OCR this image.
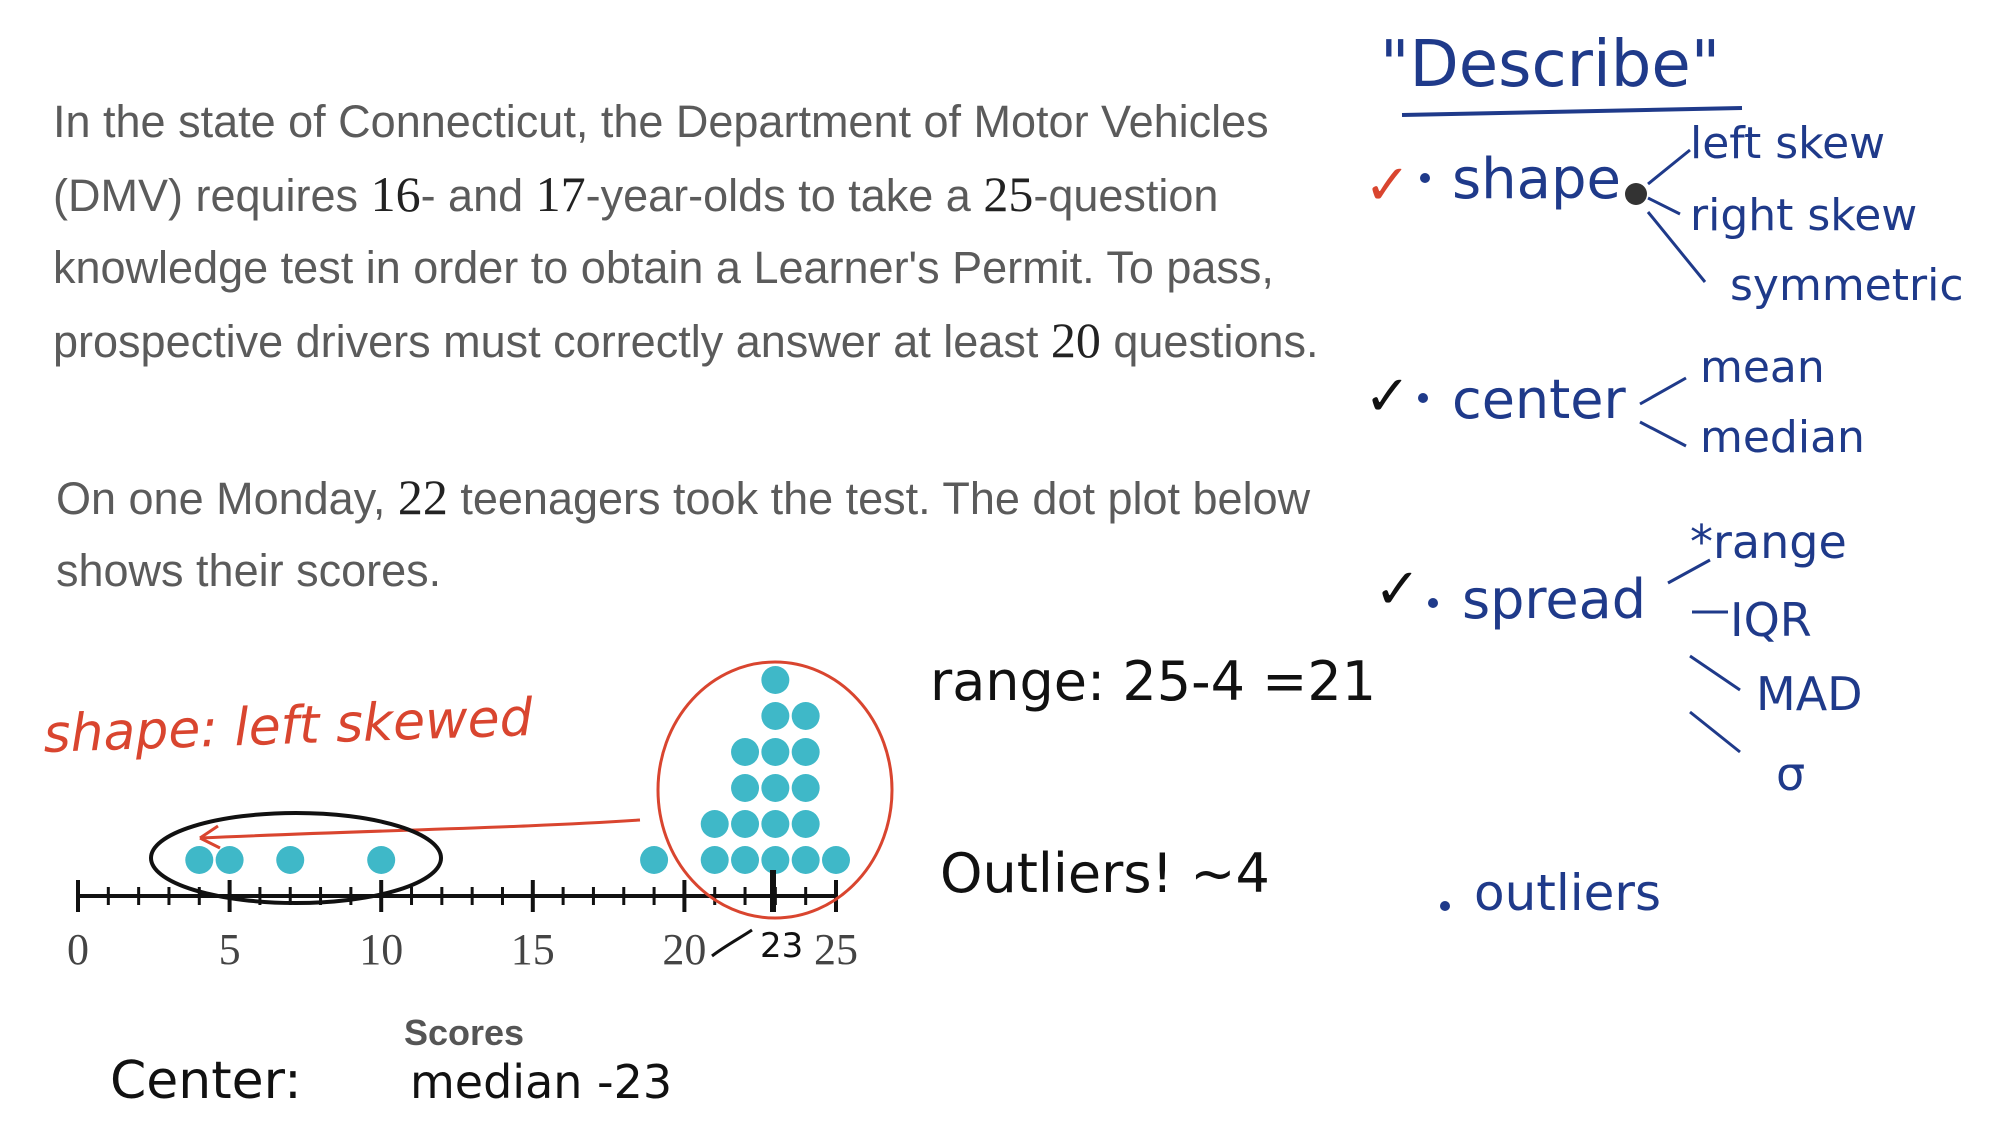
In the state of Connecticut, the Department of Motor Vehicles (DMV) requires 16- and 17-year-olds to take a 25-question knowledge test in order to obtain a Learner's Permit. To pass, prospective drivers must correctly answer at least 20 questions.
On one Monday, 22 teenagers took the test. The dot plot below shows their scores.
0	5	10 15 20 25
Scores
shape: left skewed
range: 25-4 =21
Outliers! ~4
Center: median -23
23
"Describe"
✓ shape
left skew
right skew
symmetric
✓ center
mean
median
✓ spread
*range
IQR
MAD
σ
outliers
